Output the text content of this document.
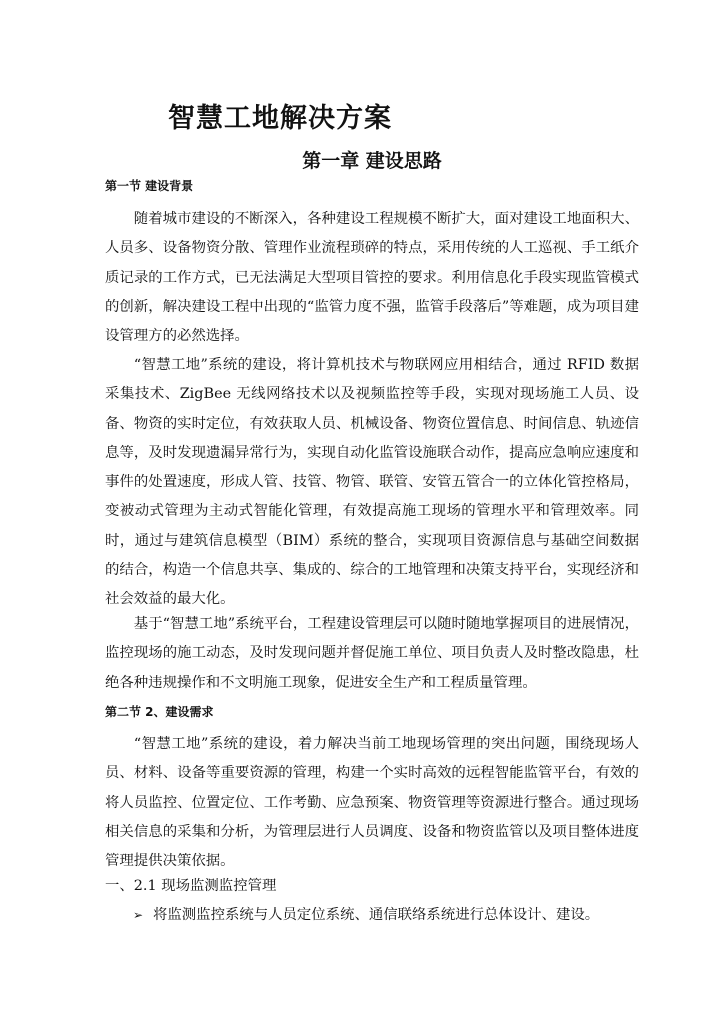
智慧工地解决方案
第一章 建设思路
第一节 建设背景

随着城市建设的不断深入，各种建设工程规模不断扩大，面对建设工地面积大、人员多、设备物资分散、管理作业流程琐碎的特点，采用传统的人工巡视、手工纸介质记录的工作方式，已无法满足大型项目管控的要求。利用信息化手段实现监管模式的创新，解决建设工程中出现的“监管力度不强，监管手段落后”等难题，成为项目建设管理方的必然选择。

“智慧工地”系统的建设，将计算机技术与物联网应用相结合，通过 RFID 数据采集技术、ZigBee 无线网络技术以及视频监控等手段，实现对现场施工人员、设备、物资的实时定位，有效获取人员、机械设备、物资位置信息、时间信息、轨迹信息等，及时发现遗漏异常行为，实现自动化监管设施联合动作，提高应急响应速度和事件的处置速度，形成人管、技管、物管、联管、安管五管合一的立体化管控格局，变被动式管理为主动式智能化管理，有效提高施工现场的管理水平和管理效率。同时，通过与建筑信息模型（BIM）系统的整合，实现项目资源信息与基础空间数据的结合，构造一个信息共享、集成的、综合的工地管理和决策支持平台，实现经济和社会效益的最大化。

基于“智慧工地”系统平台，工程建设管理层可以随时随地掌握项目的进展情况，监控现场的施工动态，及时发现问题并督促施工单位、项目负责人及时整改隐患，杜绝各种违规操作和不文明施工现象，促进安全生产和工程质量管理。

第二节 2、建设需求

“智慧工地”系统的建设，着力解决当前工地现场管理的突出问题，围绕现场人员、材料、设备等重要资源的管理，构建一个实时高效的远程智能监管平台，有效的将人员监控、位置定位、工作考勤、应急预案、物资管理等资源进行整合。通过现场相关信息的采集和分析，为管理层进行人员调度、设备和物资监管以及项目整体进度管理提供决策依据。

一、2.1 现场监测监控管理

➢ 将监测监控系统与人员定位系统、通信联络系统进行总体设计、建设。
